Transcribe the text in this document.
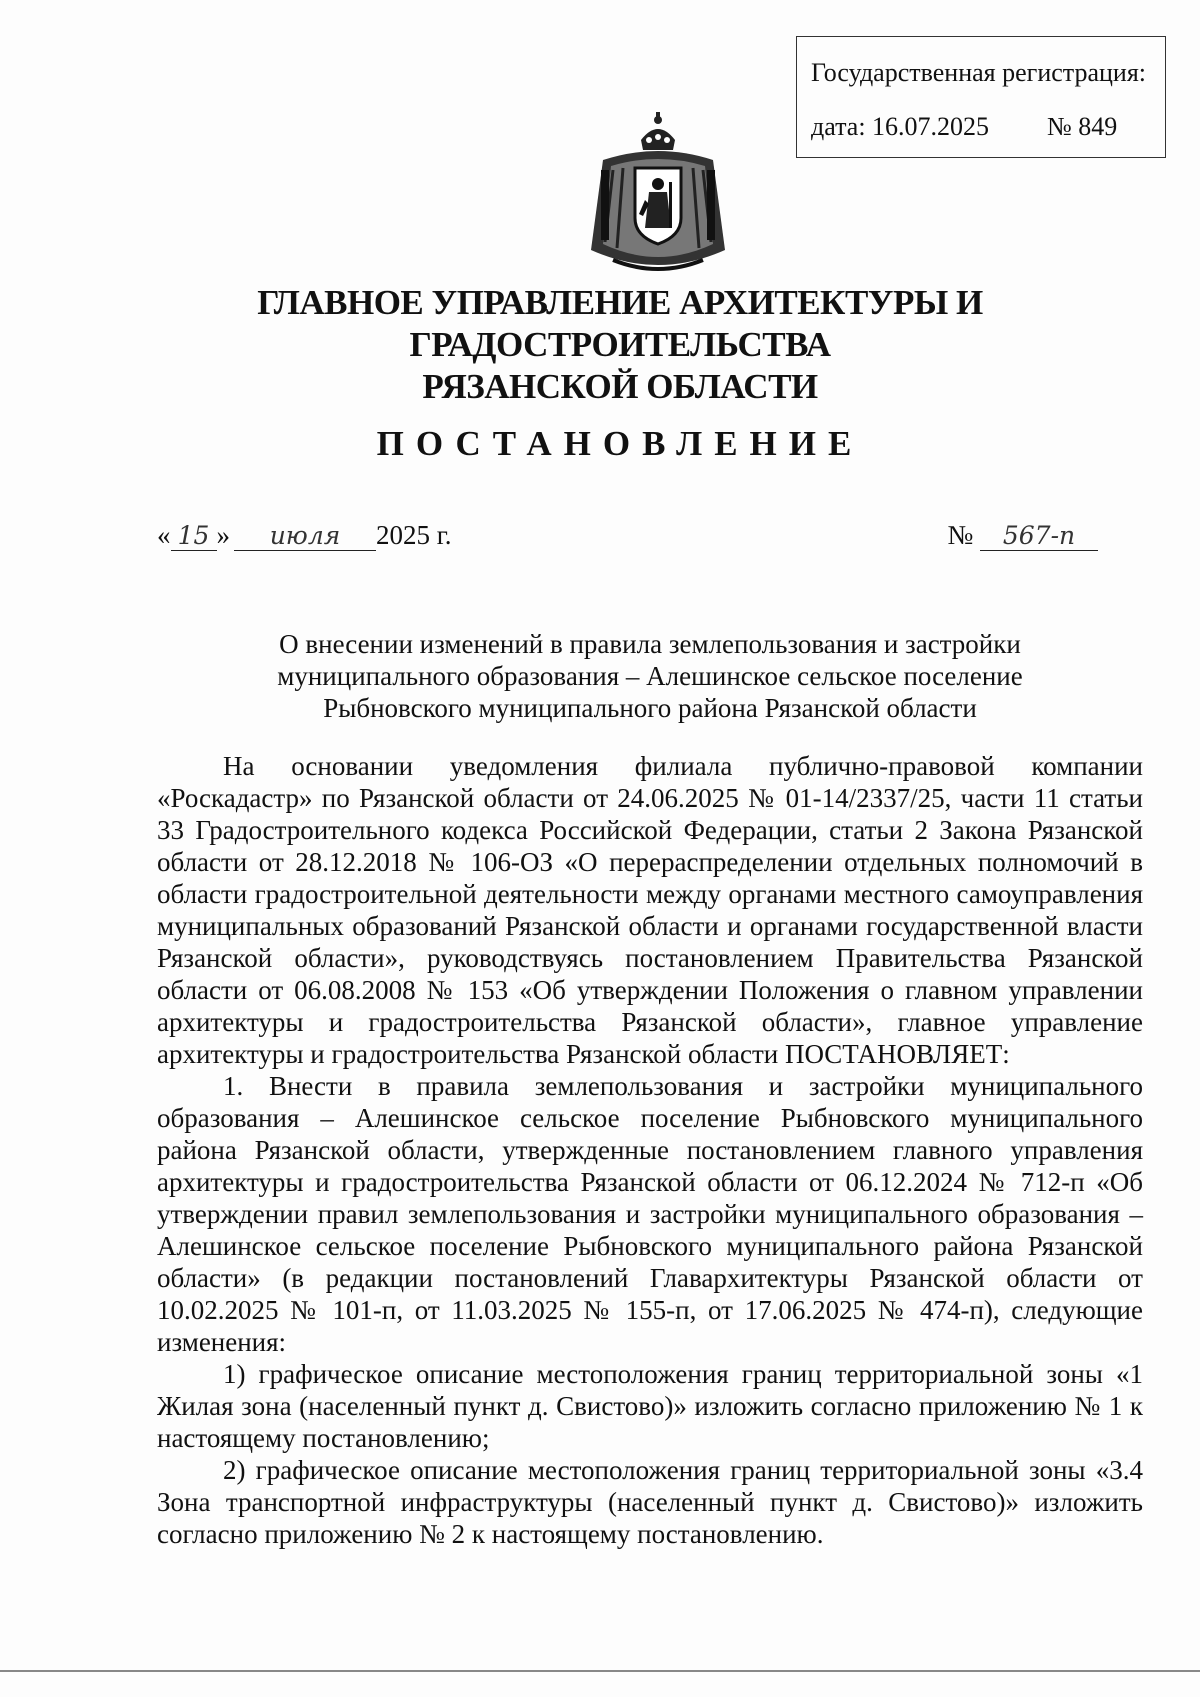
Государственная регистрация:
дата: 16.07.2025 № 849
ГЛАВНОЕ УПРАВЛЕНИЕ АРХИТЕКТУРЫ И ГРАДОСТРОИТЕЛЬСТВА
РЯЗАНСКОЙ ОБЛАСТИ
ПОСТАНОВЛЕНИЕ
« 15 » июля 2025 г.	№ 567-п
О внесении изменений в правила землепользования и застройки
муниципального образования – Алешинское сельское поселение
Рыбновского муниципального района Рязанской области

На основании уведомления филиала публично-правовой компании «Роскадастр» по Рязанской области от 24.06.2025 № 01-14/2337/25, части 11 статьи 33 Градостроительного кодекса Российской Федерации, статьи 2 Закона Рязанской области от 28.12.2018 № 106-ОЗ «О перераспределении отдельных полномочий в области градостроительной деятельности между органами местного самоуправления муниципальных образований Рязанской области и органами государственной власти Рязанской области», руководствуясь постановлением Правительства Рязанской области от 06.08.2008 № 153 «Об утверждении Положения о главном управлении архитектуры и градостроительства Рязанской области», главное управление архитектуры и градостроительства Рязанской области ПОСТАНОВЛЯЕТ:

1. Внести в правила землепользования и застройки муниципального образования – Алешинское сельское поселение Рыбновского муниципального района Рязанской области, утвержденные постановлением главного управления архитектуры и градостроительства Рязанской области от 06.12.2024 № 712-п «Об утверждении правил землепользования и застройки муниципального образования – Алешинское сельское поселение Рыбновского муниципального района Рязанской области» (в редакции постановлений Главархитектуры Рязанской области от 10.02.2025 № 101-п, от 11.03.2025 № 155-п, от 17.06.2025 № 474-п), следующие изменения:

1) графическое описание местоположения границ территориальной зоны «1 Жилая зона (населенный пункт д. Свистово)» изложить согласно приложению № 1 к настоящему постановлению;

2) графическое описание местоположения границ территориальной зоны «3.4 Зона транспортной инфраструктуры (населенный пункт д. Свистово)» изложить согласно приложению № 2 к настоящему постановлению.
